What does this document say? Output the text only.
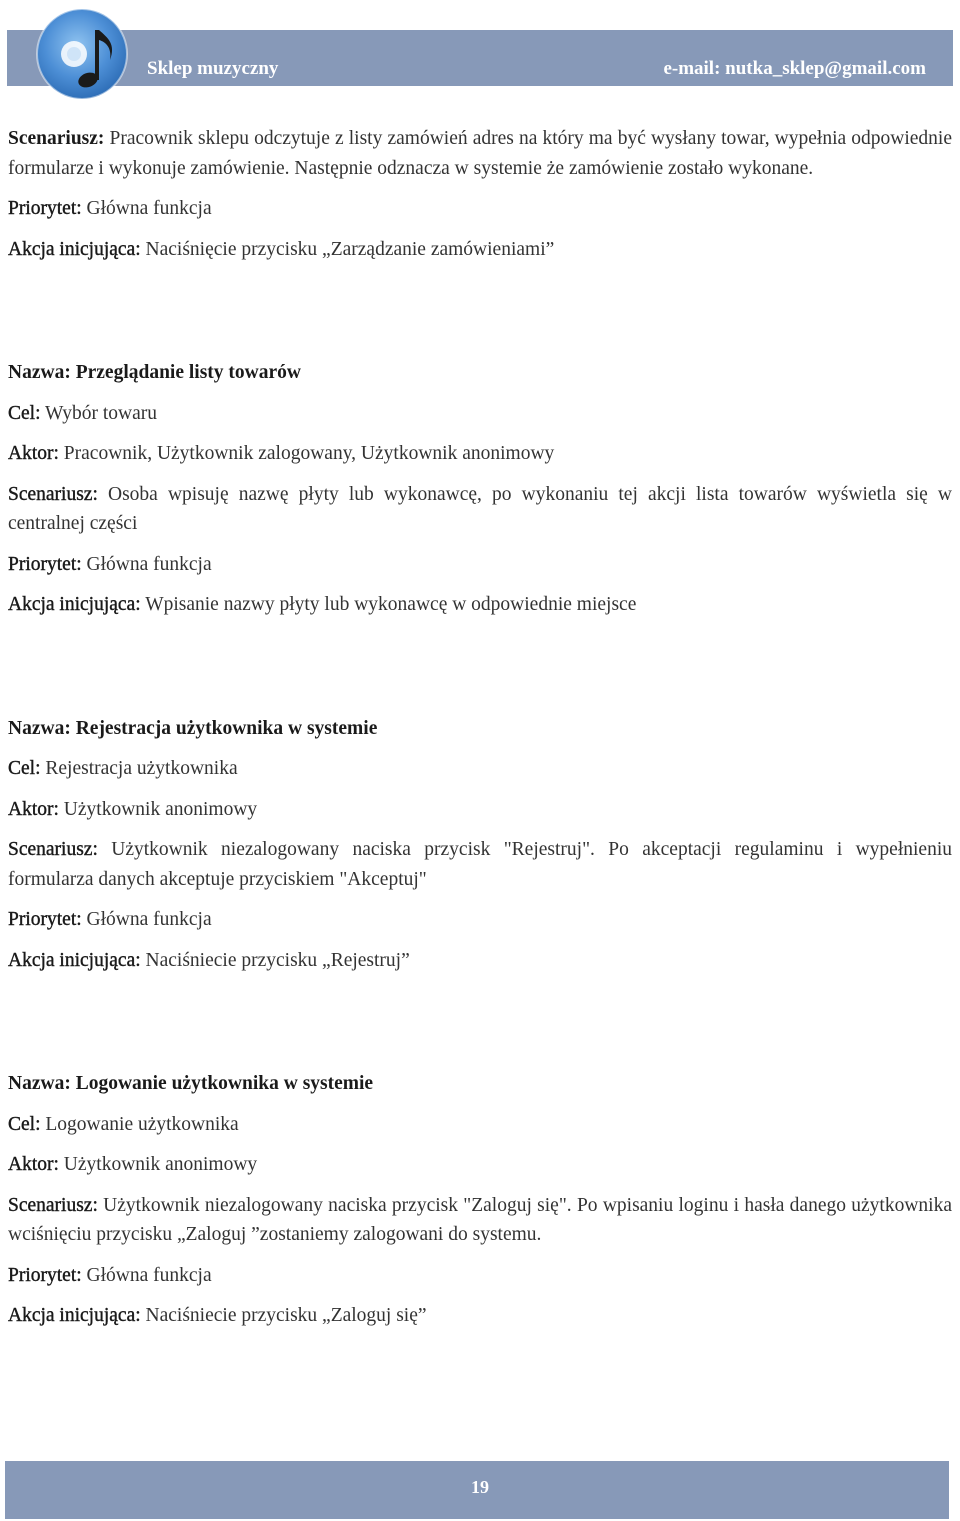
Sklep muzyczny
“Nutka”
e-mail: nutka_sklep@gmail.com

Scenariusz: Pracownik sklepu odczytuje z listy zamówień adres na który ma być wysłany towar, wypełnia odpowiednie formularze i wykonuje zamówienie. Następnie odznacza w systemie że zamówienie zostało wykonane.

Priorytet: Główna funkcja

Akcja inicjująca: Naciśnięcie przycisku „Zarządzanie zamówieniami”

Nazwa: Przeglądanie listy towarów

Cel: Wybór towaru

Aktor: Pracownik, Użytkownik zalogowany, Użytkownik anonimowy

Scenariusz: Osoba wpisuję nazwę płyty lub wykonawcę, po wykonaniu tej akcji lista towarów wyświetla się w centralnej części

Priorytet: Główna funkcja

Akcja inicjująca: Wpisanie nazwy płyty lub wykonawcę w odpowiednie miejsce

Nazwa: Rejestracja użytkownika w systemie

Cel: Rejestracja użytkownika

Aktor: Użytkownik anonimowy

Scenariusz: Użytkownik niezalogowany naciska przycisk "Rejestruj". Po akceptacji regulaminu i wypełnieniu formularza danych akceptuje przyciskiem "Akceptuj"

Priorytet: Główna funkcja

Akcja inicjująca: Naciśniecie przycisku „Rejestruj”

Nazwa: Logowanie użytkownika w systemie

Cel: Logowanie użytkownika

Aktor: Użytkownik anonimowy

Scenariusz: Użytkownik niezalogowany naciska przycisk "Zaloguj się". Po wpisaniu loginu i hasła danego użytkownika wciśnięciu przycisku „Zaloguj ”zostaniemy zalogowani do systemu.

Priorytet: Główna funkcja

Akcja inicjująca: Naciśniecie przycisku „Zaloguj się”

19
